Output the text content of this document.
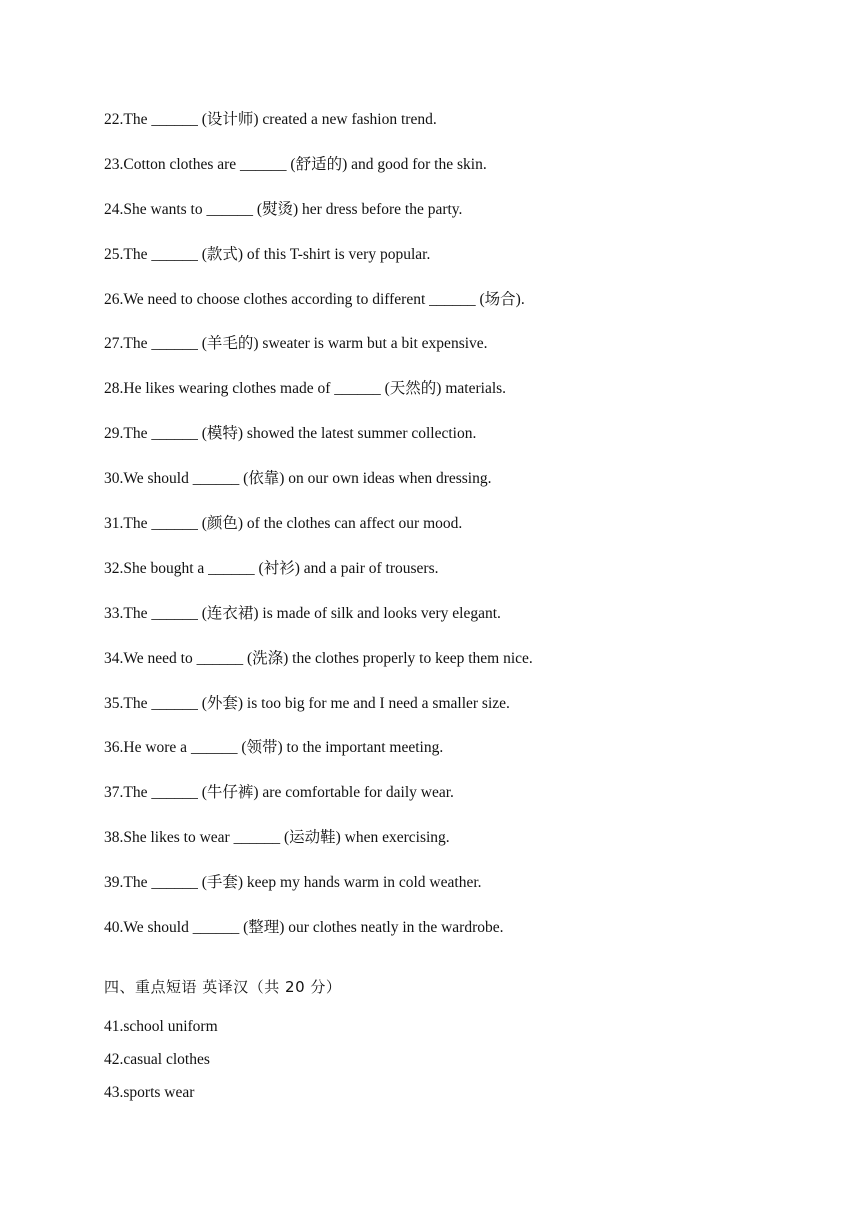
22.The ______ (设计师) created a new fashion trend.
23.Cotton clothes are ______ (舒适的) and good for the skin.
24.She wants to ______ (熨烫) her dress before the party.
25.The ______ (款式) of this T-shirt is very popular.
26.We need to choose clothes according to different ______ (场合).
27.The ______ (羊毛的) sweater is warm but a bit expensive.
28.He likes wearing clothes made of ______ (天然的) materials.
29.The ______ (模特) showed the latest summer collection.
30.We should ______ (依靠) on our own ideas when dressing.
31.The ______ (颜色) of the clothes can affect our mood.
32.She bought a ______ (衬衫) and a pair of trousers.
33.The ______ (连衣裙) is made of silk and looks very elegant.
34.We need to ______ (洗涤) the clothes properly to keep them nice.
35.The ______ (外套) is too big for me and I need a smaller size.
36.He wore a ______ (领带) to the important meeting.
37.The ______ (牛仔裤) are comfortable for daily wear.
38.She likes to wear ______ (运动鞋) when exercising.
39.The ______ (手套) keep my hands warm in cold weather.
40.We should ______ (整理) our clothes neatly in the wardrobe.
四、重点短语 英译汉（共 20 分）
41.school uniform
42.casual clothes
43.sports wear
